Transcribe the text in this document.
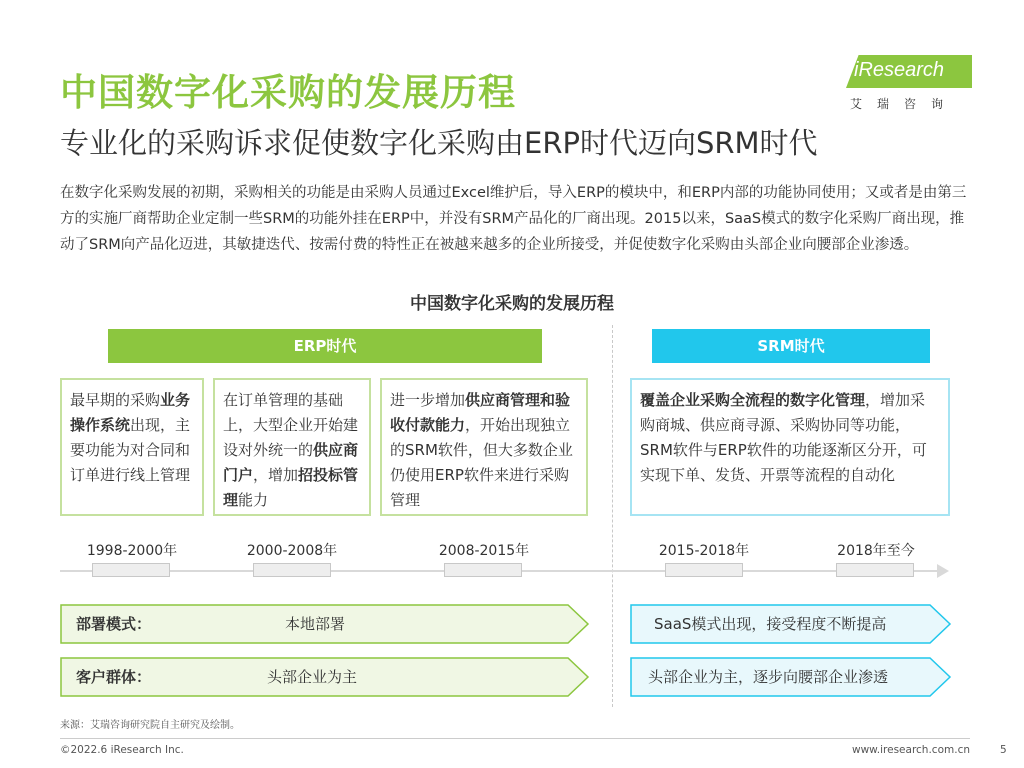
中国数字化采购的发展历程
专业化的采购诉求促使数字化采购由ERP时代迈向SRM时代
iResearch
艾瑞咨询
在数字化采购发展的初期，采购相关的功能是由采购人员通过Excel维护后，导入ERP的模块中，和ERP内部的功能协同使用；又或者是由第三方的实施厂商帮助企业定制一些SRM的功能外挂在ERP中，并没有SRM产品化的厂商出现。2015以来，SaaS模式的数字化采购厂商出现，推动了SRM向产品化迈进，其敏捷迭代、按需付费的特性正在被越来越多的企业所接受，并促使数字化采购由头部企业向腰部企业渗透。
中国数字化采购的发展历程
ERP时代	SRM时代
最早期的采购业务操作系统出现，主要功能为对合同和订单进行线上管理
在订单管理的基础上，大型企业开始建设对外统一的供应商门户，增加招投标管理能力
进一步增加供应商管理和验收付款能力，开始出现独立的SRM软件，但大多数企业仍使用ERP软件来进行采购管理
覆盖企业采购全流程的数字化管理，增加采购商城、供应商寻源、采购协同等功能，SRM软件与ERP软件的功能逐渐区分开，可实现下单、发货、开票等流程的自动化
1998-2000年	2000-2008年	2008-2015年	2015-2018年	2018年至今
部署模式：	本地部署	SaaS模式出现，接受程度不断提高
客户群体：	头部企业为主	头部企业为主，逐步向腰部企业渗透
来源：艾瑞咨询研究院自主研究及绘制。
©2022.6 iResearch Inc.	www.iresearch.com.cn	5
